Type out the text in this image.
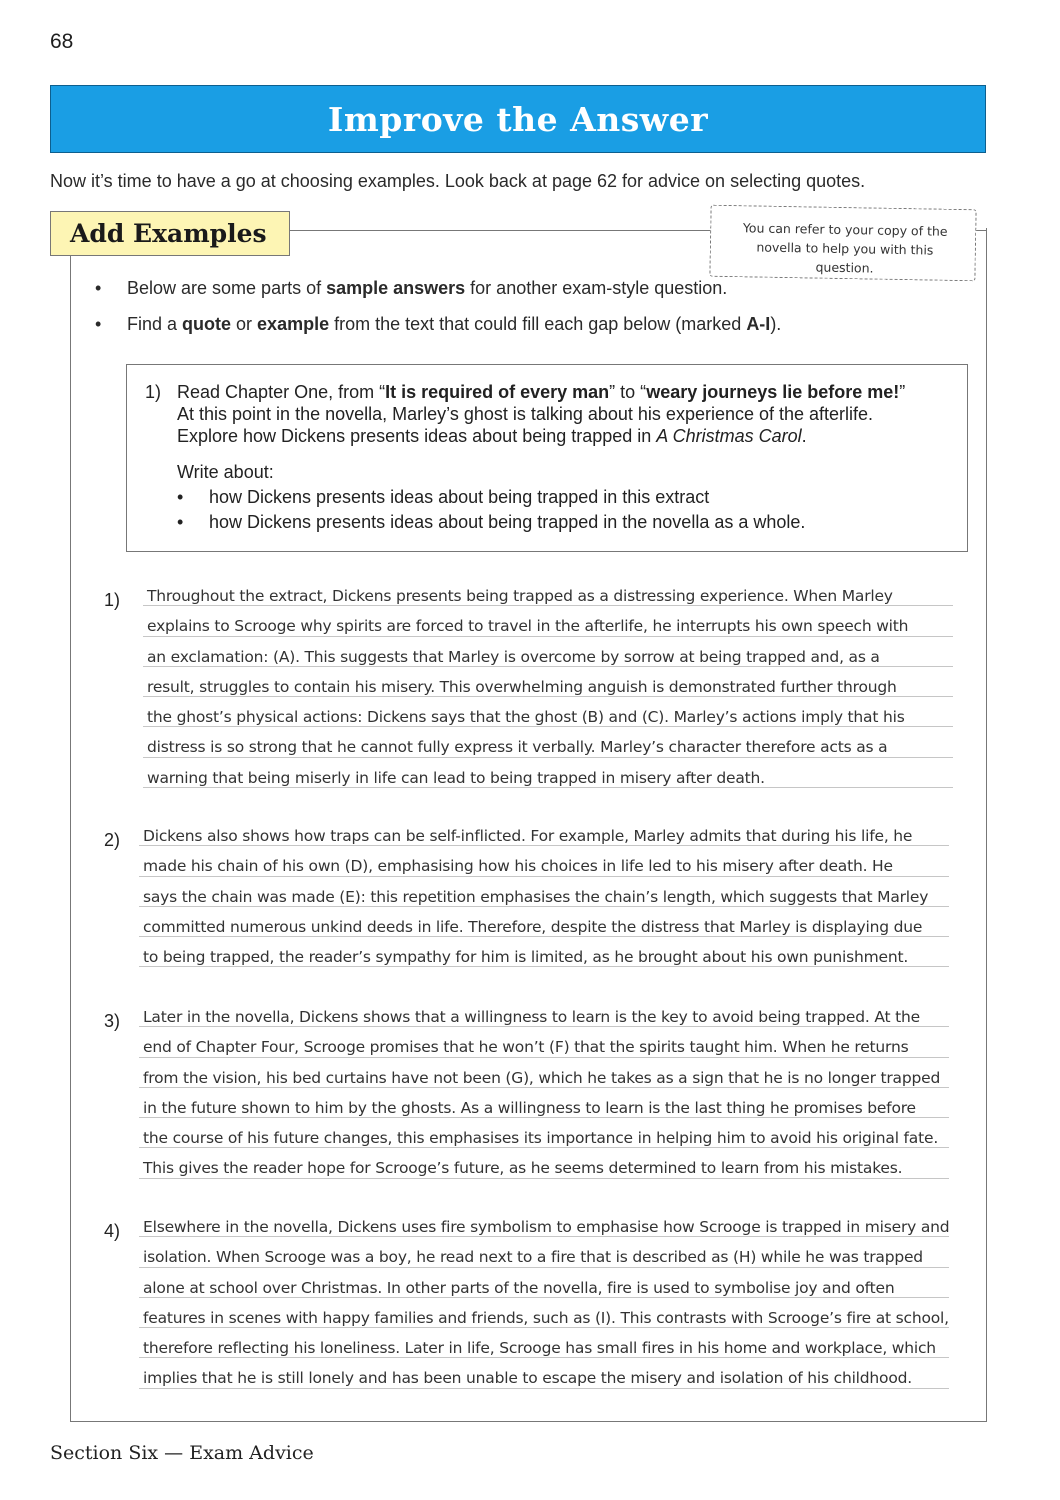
68
Improve the Answer
Now it’s time to have a go at choosing examples. Look back at page 62 for advice on selecting quotes.
Add Examples	You can refer to your copy of the
novella to help you with this question.
• Below are some parts of sample answers for another exam-style question.
• Find a quote or example from the text that could fill each gap below (marked A-I).
1) Read Chapter One, from “It is required of every man” to “weary journeys lie before me!”
At this point in the novella, Marley’s ghost is talking about his experience of the afterlife.
Explore how Dickens presents ideas about being trapped in A Christmas Carol.
Write about:
• how Dickens presents ideas about being trapped in this extract
• how Dickens presents ideas about being trapped in the novella as a whole.
1) Throughout the extract, Dickens presents being trapped as a distressing experience. When Marley
explains to Scrooge why spirits are forced to travel in the afterlife, he interrupts his own speech with
an exclamation: (A). This suggests that Marley is overcome by sorrow at being trapped and, as a
result, struggles to contain his misery. This overwhelming anguish is demonstrated further through
the ghost’s physical actions: Dickens says that the ghost (B) and (C). Marley’s actions imply that his
distress is so strong that he cannot fully express it verbally. Marley’s character therefore acts as a
warning that being miserly in life can lead to being trapped in misery after death.
2) Dickens also shows how traps can be self-inflicted. For example, Marley admits that during his life, he
made his chain of his own (D), emphasising how his choices in life led to his misery after death. He
says the chain was made (E): this repetition emphasises the chain’s length, which suggests that Marley
committed numerous unkind deeds in life. Therefore, despite the distress that Marley is displaying due
to being trapped, the reader’s sympathy for him is limited, as he brought about his own punishment.
3) Later in the novella, Dickens shows that a willingness to learn is the key to avoid being trapped. At the
end of Chapter Four, Scrooge promises that he won’t (F) that the spirits taught him. When he returns
from the vision, his bed curtains have not been (G), which he takes as a sign that he is no longer trapped
in the future shown to him by the ghosts. As a willingness to learn is the last thing he promises before
the course of his future changes, this emphasises its importance in helping him to avoid his original fate.
This gives the reader hope for Scrooge’s future, as he seems determined to learn from his mistakes.
4) Elsewhere in the novella, Dickens uses fire symbolism to emphasise how Scrooge is trapped in misery and
isolation. When Scrooge was a boy, he read next to a fire that is described as (H) while he was trapped
alone at school over Christmas. In other parts of the novella, fire is used to symbolise joy and often
features in scenes with happy families and friends, such as (I). This contrasts with Scrooge’s fire at school,
therefore reflecting his loneliness. Later in life, Scrooge has small fires in his home and workplace, which
implies that he is still lonely and has been unable to escape the misery and isolation of his childhood.
Section Six — Exam Advice
